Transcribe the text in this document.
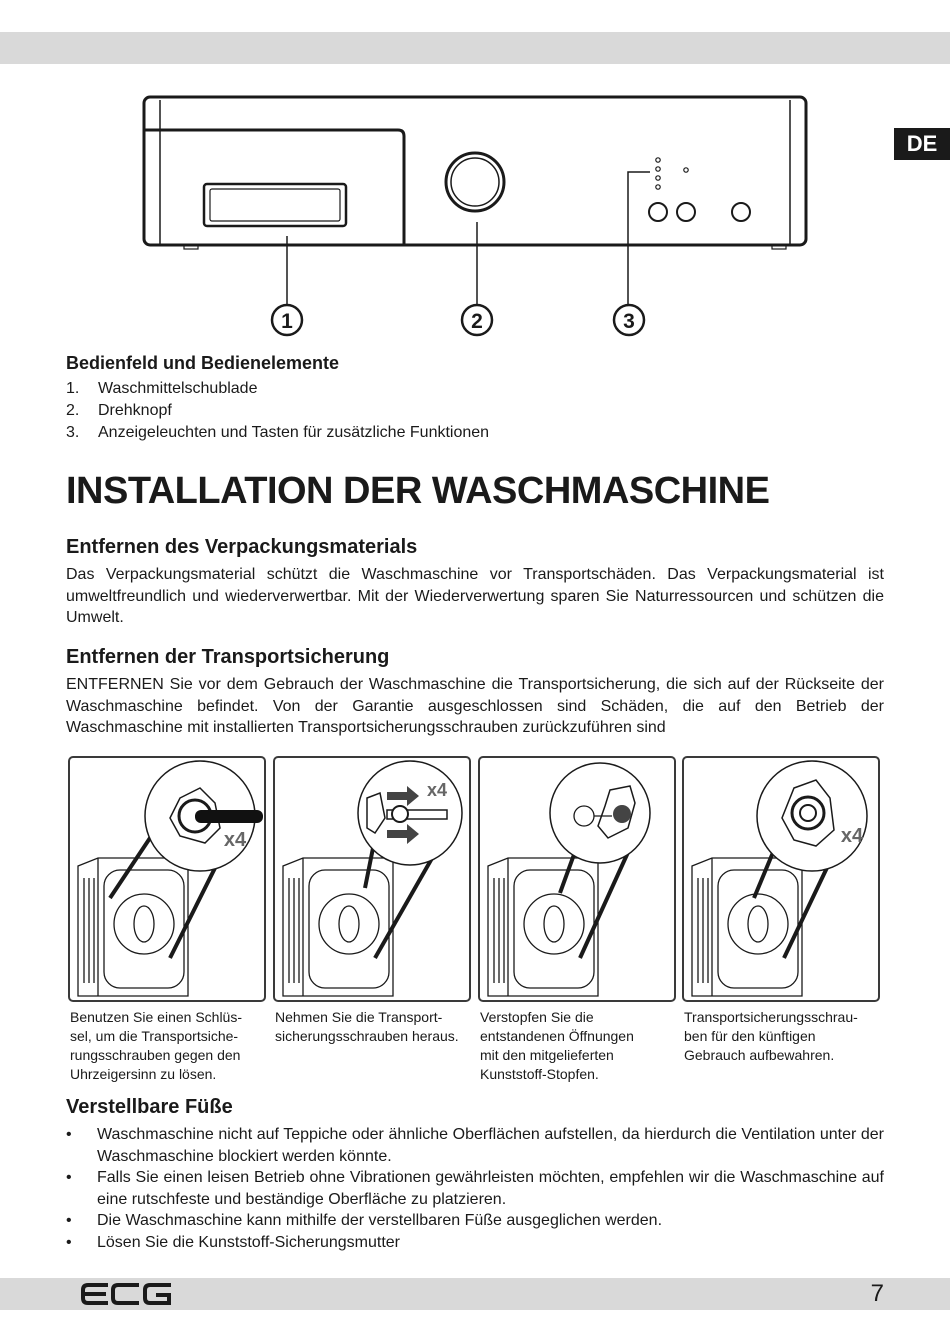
DE
1	2	3
Bedienfeld und Bedienelemente
1.	Waschmittelschublade
2.	Drehknopf
3.	Anzeigeleuchten und Tasten für zusätzliche Funktionen
INSTALLATION DER WASCHMASCHINE
Entfernen des Verpackungsmaterials

Das Verpackungsmaterial schützt die Waschmaschine vor Transportschäden. Das Verpackungsmaterial ist umweltfreundlich und wiederverwertbar. Mit der Wiederverwertung sparen Sie Naturressourcen und schützen die Umwelt.

Entfernen der Transportsicherung

ENTFERNEN Sie vor dem Gebrauch der Waschmaschine die Transportsicherung, die sich auf der Rückseite der Waschmaschine befindet. Von der Garantie ausgeschlossen sind Schäden, die auf den Betrieb der Waschmaschine mit installierten Transportsicherungsschrauben zurückzuführen sind

x4
Benutzen Sie einen Schlüs-
sel, um die Transportsiche-
rungsschrauben gegen den
Uhrzeigersinn zu lösen.
x4
Nehmen Sie die Transport-
sicherungsschrauben heraus.
Verstopfen Sie die
entstandenen Öffnungen
mit den mitgelieferten
Kunststoff-Stopfen.
x4
Transportsicherungsschrau-
ben für den künftigen
Gebrauch aufbewahren.
Verstellbare Füße
•	Waschmaschine nicht auf Teppiche oder ähnliche Oberflächen aufstellen, da hierdurch die Ventilation unter der Waschmaschine blockiert werden könnte.
•	Falls Sie einen leisen Betrieb ohne Vibrationen gewährleisten möchten, empfehlen wir die Waschmaschine auf eine rutschfeste und beständige Oberfläche zu platzieren.
•	Die Waschmaschine kann mithilfe der verstellbaren Füße ausgeglichen werden.
•	Lösen Sie die Kunststoff-Sicherungsmutter
7
